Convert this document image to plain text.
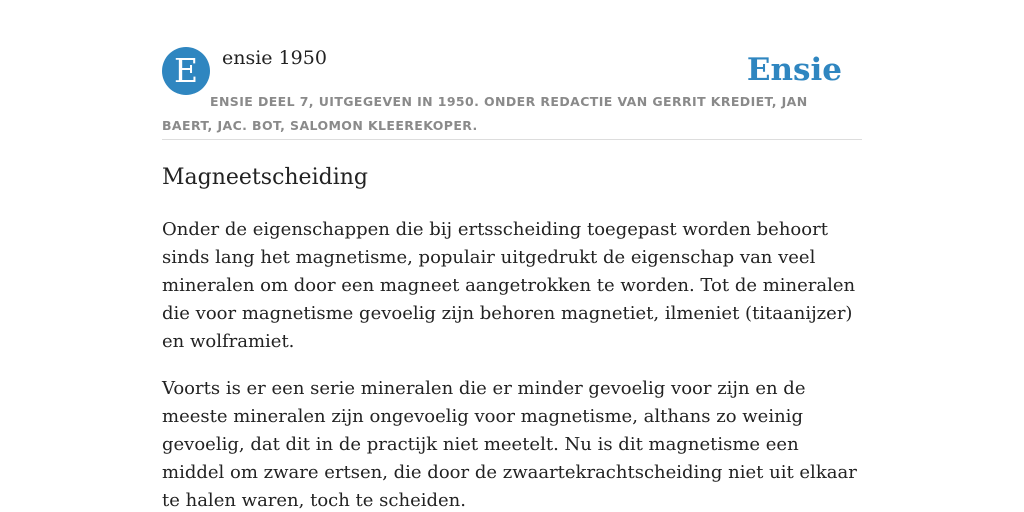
E	ensie 1950	Ensie
ENSIE DEEL 7, UITGEGEVEN IN 1950. ONDER REDACTIE VAN GERRIT KREDIET, JAN BAERT, JAC. BOT, SALOMON KLEEREKOPER.
Magneetscheiding

Onder de eigenschappen die bij ertsscheiding toegepast worden behoort sinds lang het magnetisme, populair uitgedrukt de eigenschap van veel mineralen om door een magneet aangetrokken te worden. Tot de mineralen die voor magnetisme gevoelig zijn behoren magnetiet, ilmeniet (titaanijzer) en wolframiet.

Voorts is er een serie mineralen die er minder gevoelig voor zijn en de meeste mineralen zijn ongevoelig voor magnetisme, althans zo weinig gevoelig, dat dit in de practijk niet meetelt. Nu is dit magnetisme een middel om zware ertsen, die door de zwaartekrachtscheiding niet uit elkaar te halen waren, toch te scheiden.
